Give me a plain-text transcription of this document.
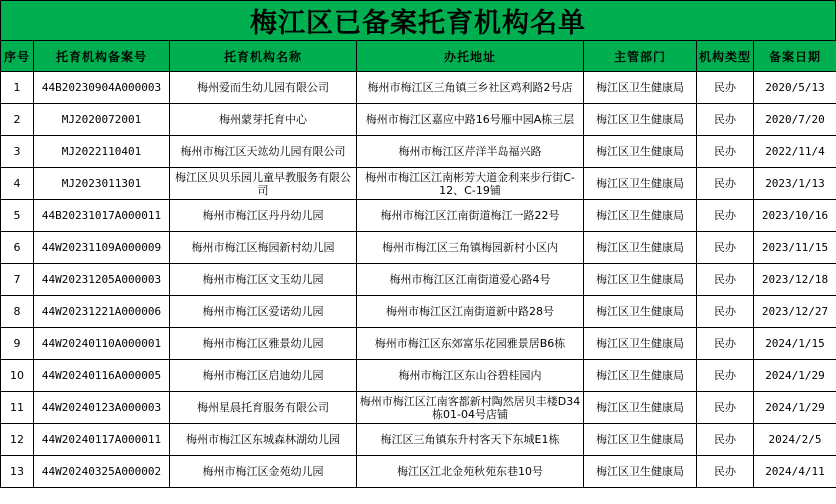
梅江区已备案托育机构名单
序号	托育机构备案号	托育机构名称	办托地址	主管部门	机构类型	备案日期
1	44B20230904A000003	梅州爱而生幼儿园有限公司	梅州市梅江区三角镇三乡社区鸡利路2号店	梅江区卫生健康局	民办	2020/5/13
2	MJ2020072001	梅州蒙芽托育中心	梅州市梅江区嘉应中路16号雁中园A栋三层	梅江区卫生健康局	民办	2020/7/20
3	MJ2022110401	梅州市梅江区天竑幼儿园有限公司	梅州市梅江区芹洋半岛福兴路	梅江区卫生健康局	民办	2022/11/4
4	MJ2023011301	梅江区贝贝乐园儿童早教服务有限公司	梅州市梅江区江南彬芳大道金利来步行街C-12、C-19铺	梅江区卫生健康局	民办	2023/1/13
5	44B20231017A000011	梅州市梅江区丹丹幼儿园	梅州市梅江区江南街道梅江一路22号	梅江区卫生健康局	民办	2023/10/16
6	44W20231109A000009	梅州市梅江区梅园新村幼儿园	梅州市梅江区三角镇梅园新村小区内	梅江区卫生健康局	民办	2023/11/15
7	44W20231205A000003	梅州市梅江区文玉幼儿园	梅州市梅江区江南街道爱心路4号	梅江区卫生健康局	民办	2023/12/18
8	44W20231221A000006	梅州市梅江区爱诺幼儿园	梅州市梅江区江南街道新中路28号	梅江区卫生健康局	民办	2023/12/27
9	44W20240110A000001	梅州市梅江区雅景幼儿园	梅州市梅江区东郊富乐花园雅景居B6栋	梅江区卫生健康局	民办	2024/1/15
10	44W20240116A000005	梅州市梅江区启迪幼儿园	梅州市梅江区东山谷碧桂园内	梅江区卫生健康局	民办	2024/1/29
11	44W20240123A000003	梅州星晨托育服务有限公司	梅州市梅江区江南客都新村陶然居贝丰楼D34栋01-04号店铺	梅江区卫生健康局	民办	2024/1/29
12	44W20240117A000011	梅州市梅江区东城森林湖幼儿园	梅江区三角镇东升村客天下东城E1栋	梅江区卫生健康局	民办	2024/2/5
13	44W20240325A000002	梅州市梅江区金苑幼儿园	梅江区江北金苑秋苑东巷10号	梅江区卫生健康局	民办	2024/4/11
